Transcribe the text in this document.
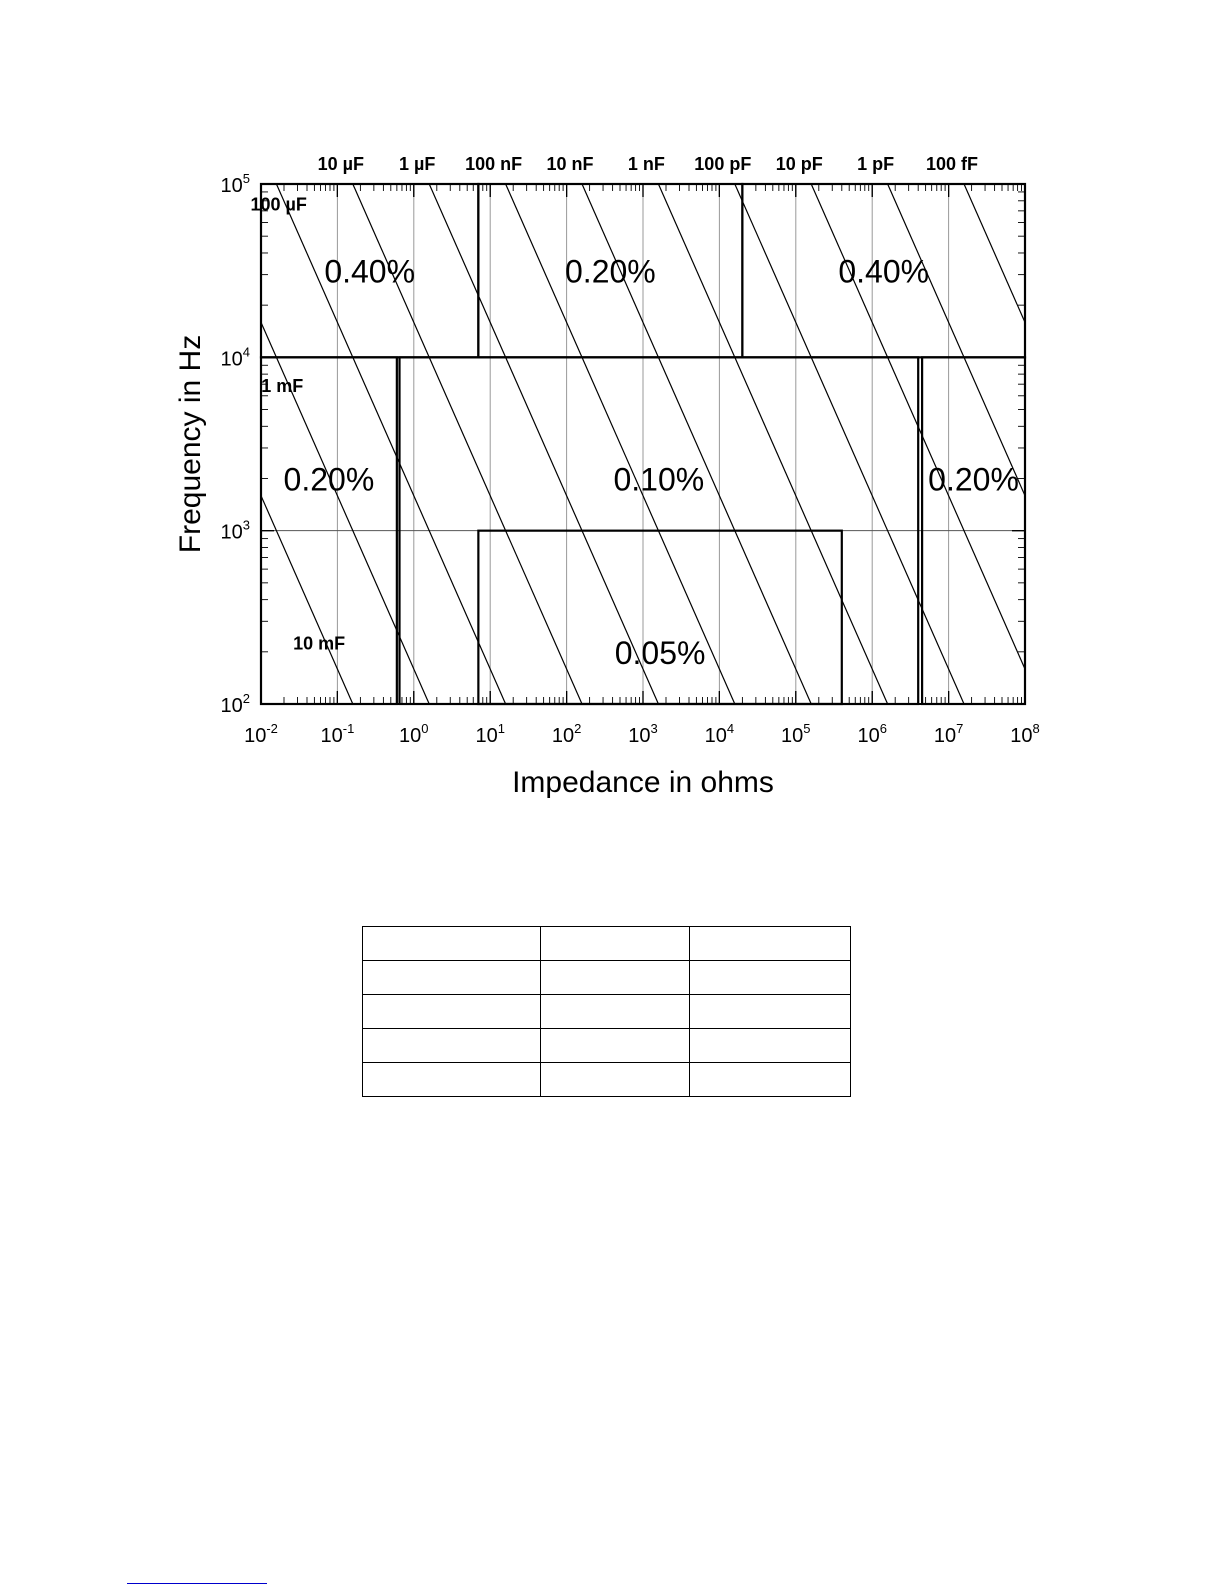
$10^{-2}$ $10^{-1}$ $10^0$ $10^1$ $10^2$ $10^3$ $10^4$ $10^5$ $10^6$ $10^7$ $10^8$
$10^2$
$10^3$
$10^4$
$10^5$
10 mF
1 mF
100 µF
10 µF 1 µF 100 nF 10 nF 1 nF 100 pF 10 pF 1 pF 100 fF
0.40%	0.20%	0.40%
0.20%	0.10%	0.20%
0.05%
Impedance in ohms
Frequency in Hz
